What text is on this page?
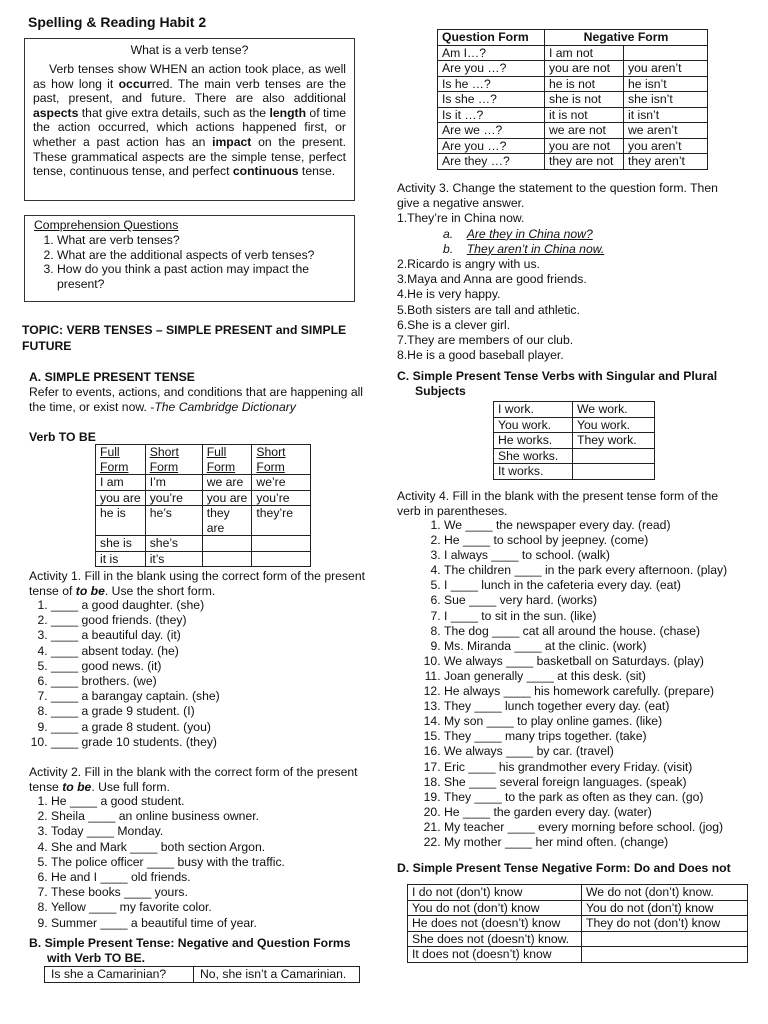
Spelling & Reading Habit 2
What is a verb tense?

Verb tenses show WHEN an action took place, as well as how long it occurred. The main verb tenses are the past, present, and future. There are also additional aspects that give extra details, such as the length of time the action occurred, which actions happened first, or whether a past action has an impact on the present. These grammatical aspects are the simple tense, perfect tense, continuous tense, and perfect continuous tense.

Comprehension Questions
1. What are verb tenses?
2. What are the additional aspects of verb tenses?
3. How do you think a past action may impact the present?
TOPIC: VERB TENSES – SIMPLE PRESENT and SIMPLE FUTURE
A. SIMPLE PRESENT TENSE
Refer to events, actions, and conditions that are happening all the time, or exist now. -The Cambridge Dictionary
Verb TO BE
Full Form	Short Form	Full Form	Short Form
I am	I’m	we are	we’re
you are	you’re	you are	you’re
he is	he’s	they are	they’re
she is	she’s		
it is	it’s		
Activity 1. Fill in the blank using the correct form of the present tense of to be. Use the short form.
1. ____ a good daughter. (she)
2. ____ good friends. (they)
3. ____ a beautiful day. (it)
4. ____ absent today. (he)
5. ____ good news. (it)
6. ____ brothers. (we)
7. ____ a barangay captain. (she)
8. ____ a grade 9 student. (I)
9. ____ a grade 8 student. (you)
10. ____ grade 10 students. (they)
Activity 2. Fill in the blank with the correct form of the present tense to be. Use full form.
1. He ____ a good student.
2. Sheila ____ an online business owner.
3. Today ____ Monday.
4. She and Mark ____ both section Argon.
5. The police officer ____ busy with the traffic.
6. He and I ____ old friends.
7. These books ____ yours.
8. Yellow ____ my favorite color.
9. Summer ____ a beautiful time of year.
B. Simple Present Tense: Negative and Question Forms
with Verb TO BE.
Is she a Camarinian?	No, she isn’t a Camarinian.
Question Form	Negative Form	
Am I…?	I am not	
Are you …?	you are not	you aren’t
Is he …?	he is not	he isn’t
Is she …?	she is not	she isn’t
Is it …?	it is not	it isn’t
Are we …?	we are not	we aren’t
Are you …?	you are not	you aren’t
Are they …?	they are not	they aren’t
Activity 3. Change the statement to the question form. Then give a negative answer.
1.They’re in China now.
a. Are they in China now?
b. They aren’t in China now.
2.Ricardo is angry with us.
3.Maya and Anna are good friends.
4.He is very happy.
5.Both sisters are tall and athletic.
6.She is a clever girl.
7.They are members of our club.
8.He is a good baseball player.
C. Simple Present Tense Verbs with Singular and Plural
Subjects
I work.	We work.
You work.	You work.
He works.	They work.
She works.	
It works.	
Activity 4. Fill in the blank with the present tense form of the verb in parentheses.
1. We ____ the newspaper every day. (read)
2. He ____ to school by jeepney. (come)
3. I always ____ to school. (walk)
4. The children ____ in the park every afternoon. (play)
5. I ____ lunch in the cafeteria every day. (eat)
6. Sue ____ very hard. (works)
7. I ____ to sit in the sun. (like)
8. The dog ____ cat all around the house. (chase)
9. Ms. Miranda ____ at the clinic. (work)
10. We always ____ basketball on Saturdays. (play)
11. Joan generally ____ at this desk. (sit)
12. He always ____ his homework carefully. (prepare)
13. They ____ lunch together every day. (eat)
14. My son ____ to play online games. (like)
15. They ____ many trips together. (take)
16. We always ____ by car. (travel)
17. Eric ____ his grandmother every Friday. (visit)
18. She ____ several foreign languages. (speak)
19. They ____ to the park as often as they can. (go)
20. He ____ the garden every day. (water)
21. My teacher ____ every morning before school. (jog)
22. My mother ____ her mind often. (change)
D. Simple Present Tense Negative Form: Do and Does not
I do not (don’t) know	We do not (don’t) know.
You do not (don’t) know	You do not (don’t) know
He does not (doesn’t) know	They do not (don’t) know
She does not (doesn’t) know.	
It does not (doesn’t) know	
